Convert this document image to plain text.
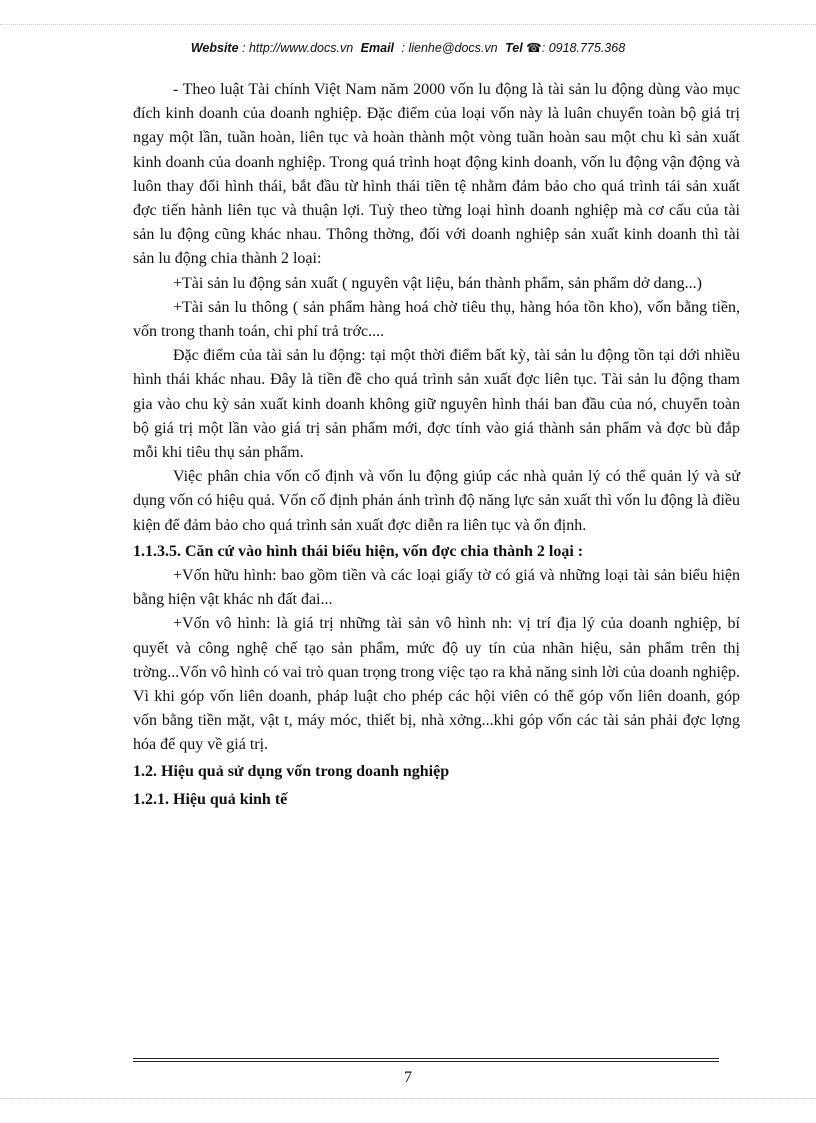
Website : http://www.docs.vn Email : lienhe@docs.vn Tel ☎: 0918.775.368

- Theo luật Tài chính Việt Nam năm 2000 vốn lu động là tài sản lu động dùng vào mục đích kinh doanh của doanh nghiệp. Đặc điểm của loại vốn này là luân chuyển toàn bộ giá trị ngay một lần, tuần hoàn, liên tục và hoàn thành một vòng tuần hoàn sau một chu kì sản xuất kinh doanh của doanh nghiệp. Trong quá trình hoạt động kinh doanh, vốn lu động vận động và luôn thay đổi hình thái, bắt đầu từ hình thái tiền tệ nhằm đảm bảo cho quá trình tái sản xuất đợc tiến hành liên tục và thuận lợi. Tuỳ theo từng loại hình doanh nghiệp mà cơ cấu của tài sản lu động cũng khác nhau. Thông thờng, đối với doanh nghiệp sản xuất kinh doanh thì tài sản lu động chia thành 2 loại:

+Tài sản lu động sản xuất ( nguyên vật liệu, bán thành phẩm, sản phẩm dở dang...)

+Tài sản lu thông ( sản phẩm hàng hoá chờ tiêu thụ, hàng hóa tồn kho), vốn bằng tiền, vốn trong thanh toán, chi phí trả trớc....

Đặc điểm của tài sản lu động: tại một thời điểm bất kỳ, tài sản lu động tồn tại dới nhiều hình thái khác nhau. Đây là tiền đề cho quá trình sản xuất đợc liên tục. Tài sản lu động tham gia vào chu kỳ sản xuất kinh doanh không giữ nguyên hình thái ban đầu của nó, chuyển toàn bộ giá trị một lần vào giá trị sản phẩm mới, đợc tính vào giá thành sản phẩm và đợc bù đắp mỗi khi tiêu thụ sản phẩm.

Việc phân chia vốn cố định và vốn lu động giúp các nhà quản lý có thể quản lý và sử dụng vốn có hiệu quả. Vốn cố định phản ánh trình độ năng lực sản xuất thì vốn lu động là điều kiện để đảm bảo cho quá trình sản xuất đợc diễn ra liên tục và ổn định.

1.1.3.5. Căn cứ vào hình thái biểu hiện, vốn đợc chia thành 2 loại :

+Vốn hữu hình: bao gồm tiền và các loại giấy tờ có giá và những loại tài sản biểu hiện bằng hiện vật khác nh đất đai...

+Vốn vô hình: là giá trị những tài sản vô hình nh: vị trí địa lý của doanh nghiệp, bí quyết và công nghệ chế tạo sản phẩm, mức độ uy tín của nhãn hiệu, sản phẩm trên thị trờng...Vốn vô hình có vai trò quan trọng trong việc tạo ra khả năng sinh lời của doanh nghiệp. Vì khi góp vốn liên doanh, pháp luật cho phép các hội viên có thể góp vốn liên doanh, góp vốn bằng tiền mặt, vật t, máy móc, thiết bị, nhà xởng...khi góp vốn các tài sản phải đợc lợng hóa để quy về giá trị.

1.2. Hiệu quả sử dụng vốn trong doanh nghiệp

1.2.1. Hiệu quả kinh tế

7
